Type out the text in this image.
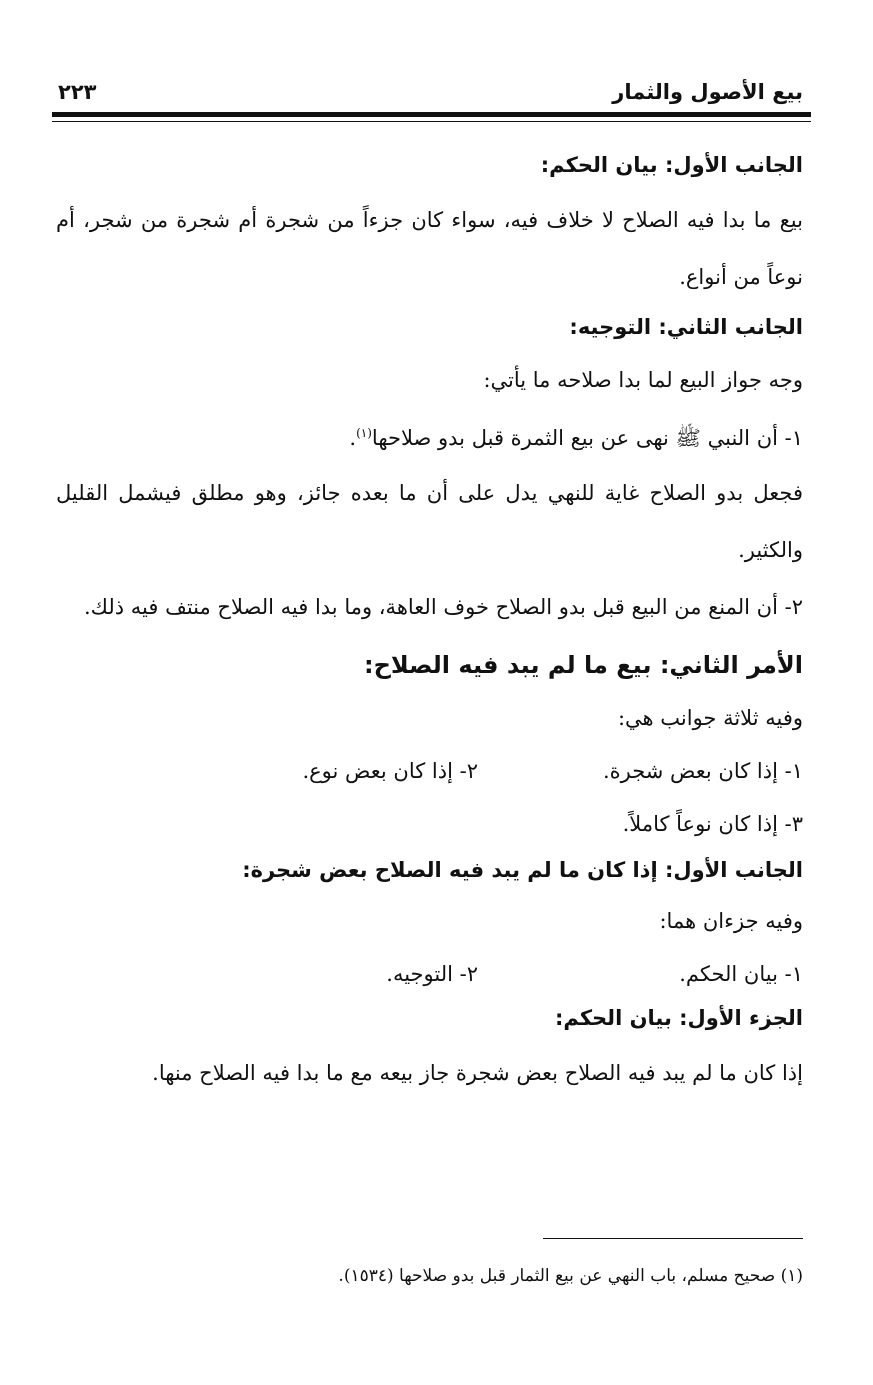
بيع الأصول والثمار
٢٢٣
الجانب الأول: بيان الحكم:
بيع ما بدا فيه الصلاح لا خلاف فيه، سواء كان جزءاً من شجرة أم شجرة من شجر، أم نوعاً من أنواع.
الجانب الثاني: التوجيه:
وجه جواز البيع لما بدا صلاحه ما يأتي:
١- أن النبي ﷺ نهى عن بيع الثمرة قبل بدو صلاحها$^{(١)}$.
فجعل بدو الصلاح غاية للنهي يدل على أن ما بعده جائز، وهو مطلق فيشمل القليل والكثير.
٢- أن المنع من البيع قبل بدو الصلاح خوف العاهة، وما بدا فيه الصلاح منتف فيه ذلك.
الأمر الثاني: بيع ما لم يبد فيه الصلاح:
وفيه ثلاثة جوانب هي:
١- إذا كان بعض شجرة.
٢- إذا كان بعض نوع.
٣- إذا كان نوعاً كاملاً.
الجانب الأول: إذا كان ما لم يبد فيه الصلاح بعض شجرة:
وفيه جزءان هما:
١- بيان الحكم.
٢- التوجيه.
الجزء الأول: بيان الحكم:
إذا كان ما لم يبد فيه الصلاح بعض شجرة جاز بيعه مع ما بدا فيه الصلاح منها.
(١) صحيح مسلم، باب النهي عن بيع الثمار قبل بدو صلاحها (١٥٣٤).
